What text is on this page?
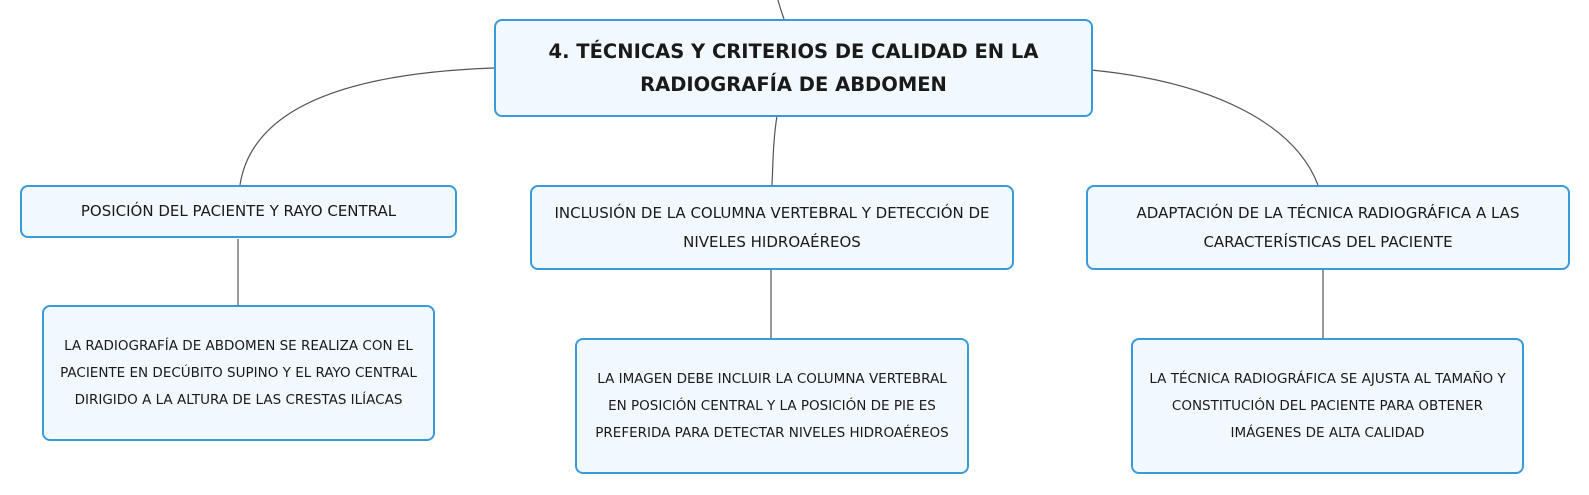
4. TÉCNICAS Y CRITERIOS DE CALIDAD EN LA RADIOGRAFÍA DE ABDOMEN
POSICIÓN DEL PACIENTE Y RAYO CENTRAL	INCLUSIÓN DE LA COLUMNA VERTEBRAL Y DETECCIÓN DE NIVELES HIDROAÉREOS
ADAPTACIÓN DE LA TÉCNICA RADIOGRÁFICA A LAS CARACTERÍSTICAS DEL PACIENTE
LA RADIOGRAFÍA DE ABDOMEN SE REALIZA CON EL PACIENTE EN DECÚBITO SUPINO Y EL RAYO CENTRAL DIRIGIDO A LA ALTURA DE LAS CRESTAS ILÍACAS
LA IMAGEN DEBE INCLUIR LA COLUMNA VERTEBRAL EN POSICIÓN CENTRAL Y LA POSICIÓN DE PIE ES PREFERIDA PARA DETECTAR NIVELES HIDROAÉREOS
LA TÉCNICA RADIOGRÁFICA SE AJUSTA AL TAMAÑO Y CONSTITUCIÓN DEL PACIENTE PARA OBTENER IMÁGENES DE ALTA CALIDAD
